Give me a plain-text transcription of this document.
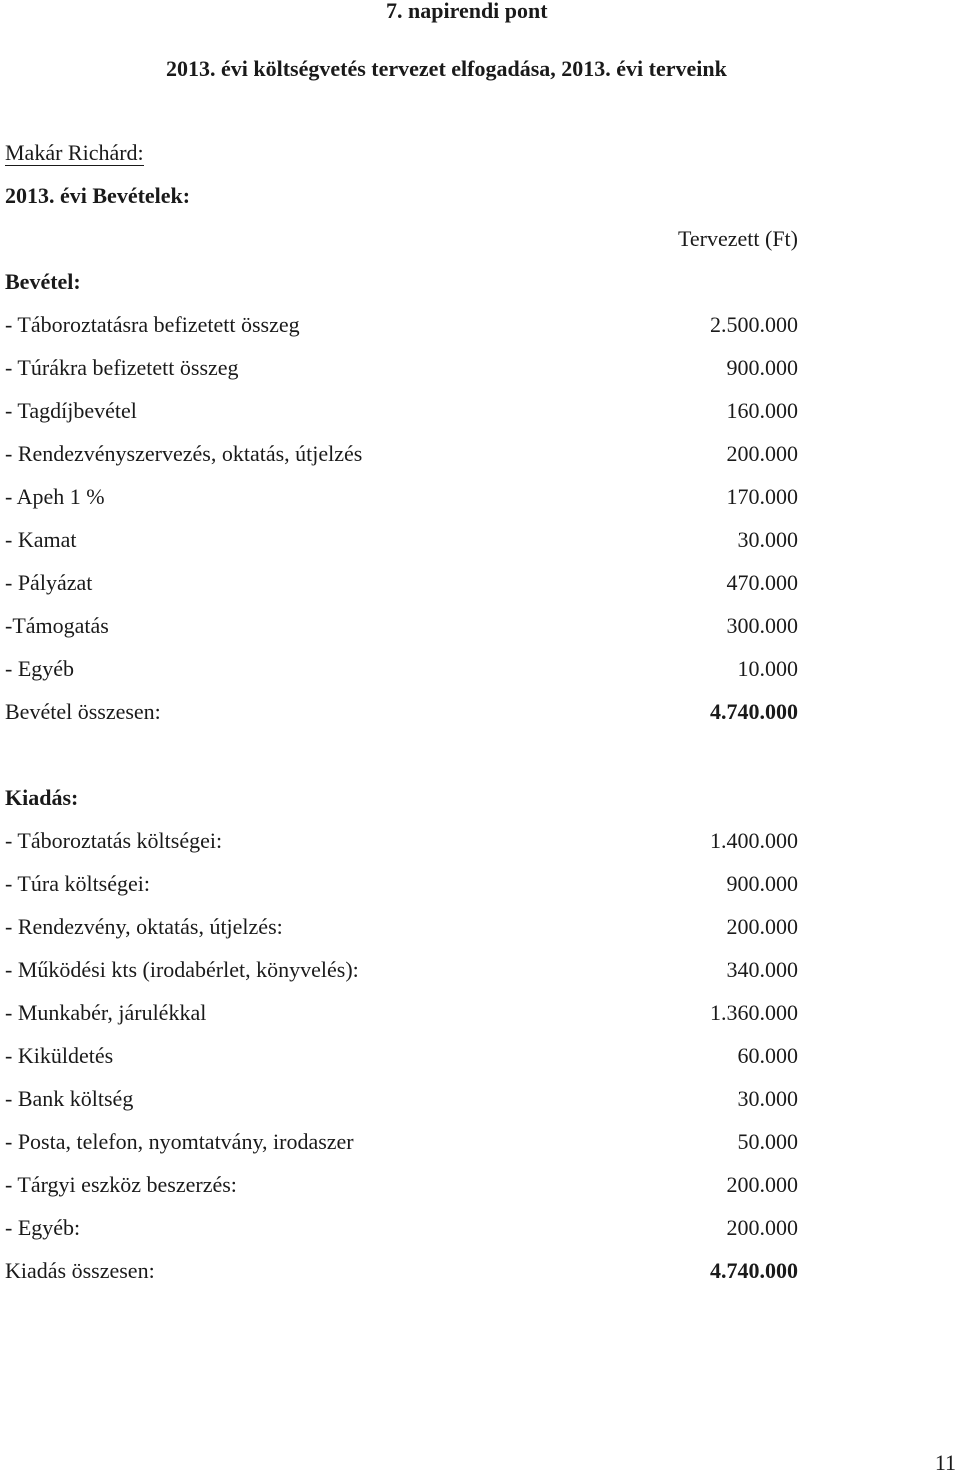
7. napirendi pont
2013. évi költségvetés tervezet elfogadása, 2013. évi terveink
Makár Richárd:
2013. évi Bevételek:
Tervezett (Ft)
Bevétel:
- Táboroztatásra befizetett összeg	2.500.000
- Túrákra befizetett összeg	900.000
- Tagdíjbevétel	160.000
- Rendezvényszervezés, oktatás, útjelzés	200.000
- Apeh 1 %	170.000
- Kamat	30.000
- Pályázat	470.000
-Támogatás	300.000
- Egyéb	10.000
Bevétel összesen:	4.740.000
Kiadás:
- Táboroztatás költségei:	1.400.000
- Túra költségei:	900.000
- Rendezvény, oktatás, útjelzés:	200.000
- Működési kts (irodabérlet, könyvelés):	340.000
- Munkabér, járulékkal	1.360.000
- Kiküldetés	60.000
- Bank költség	30.000
- Posta, telefon, nyomtatvány, irodaszer	50.000
- Tárgyi eszköz beszerzés:	200.000
- Egyéb:	200.000
Kiadás összesen:	4.740.000
11
